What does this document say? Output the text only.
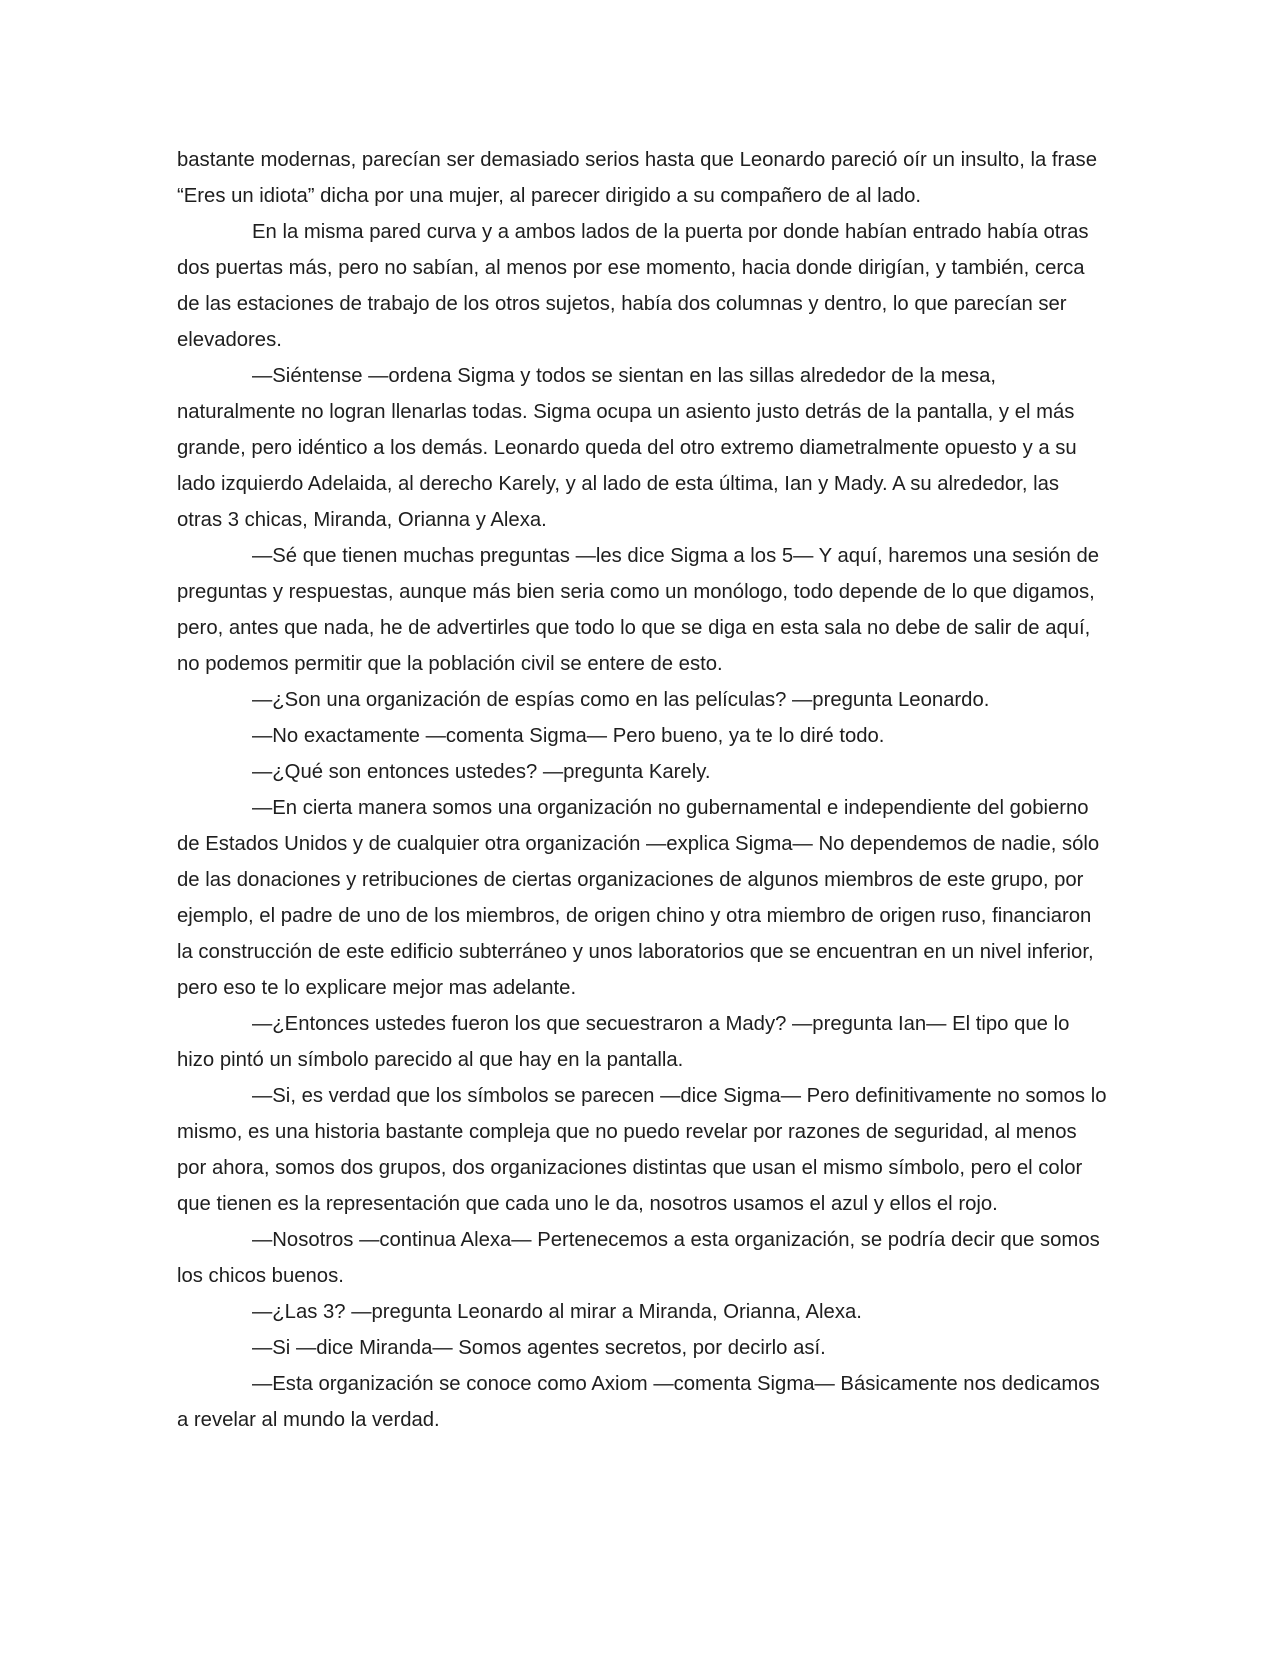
bastante modernas, parecían ser demasiado serios hasta que Leonardo pareció oír un insulto, la frase “Eres un idiota” dicha por una mujer, al parecer dirigido a su compañero de al lado.

En la misma pared curva y a ambos lados de la puerta por donde habían entrado había otras dos puertas más, pero no sabían, al menos por ese momento, hacia donde dirigían, y también, cerca de las estaciones de trabajo de los otros sujetos, había dos columnas y dentro, lo que parecían ser elevadores.

—Siéntense —ordena Sigma y todos se sientan en las sillas alrededor de la mesa, naturalmente no logran llenarlas todas. Sigma ocupa un asiento justo detrás de la pantalla, y el más grande, pero idéntico a los demás. Leonardo queda del otro extremo diametralmente opuesto y a su lado izquierdo Adelaida, al derecho Karely, y al lado de esta última, Ian y Mady. A su alrededor, las otras 3 chicas, Miranda, Orianna y Alexa.

—Sé que tienen muchas preguntas —les dice Sigma a los 5— Y aquí, haremos una sesión de preguntas y respuestas, aunque más bien seria como un monólogo, todo depende de lo que digamos, pero, antes que nada, he de advertirles que todo lo que se diga en esta sala no debe de salir de aquí, no podemos permitir que la población civil se entere de esto.

—¿Son una organización de espías como en las películas? —pregunta Leonardo.

—No exactamente —comenta Sigma— Pero bueno, ya te lo diré todo.

—¿Qué son entonces ustedes? —pregunta Karely.

—En cierta manera somos una organización no gubernamental e independiente del gobierno de Estados Unidos y de cualquier otra organización —explica Sigma— No dependemos de nadie, sólo de las donaciones y retribuciones de ciertas organizaciones de algunos miembros de este grupo, por ejemplo, el padre de uno de los miembros, de origen chino y otra miembro de origen ruso, financiaron la construcción de este edificio subterráneo y unos laboratorios que se encuentran en un nivel inferior, pero eso te lo explicare mejor mas adelante.

—¿Entonces ustedes fueron los que secuestraron a Mady? —pregunta Ian— El tipo que lo hizo pintó un símbolo parecido al que hay en la pantalla.

—Si, es verdad que los símbolos se parecen —dice Sigma— Pero definitivamente no somos lo mismo, es una historia bastante compleja que no puedo revelar por razones de seguridad, al menos por ahora, somos dos grupos, dos organizaciones distintas que usan el mismo símbolo, pero el color que tienen es la representación que cada uno le da, nosotros usamos el azul y ellos el rojo.

—Nosotros —continua Alexa— Pertenecemos a esta organización, se podría decir que somos los chicos buenos.

—¿Las 3? —pregunta Leonardo al mirar a Miranda, Orianna, Alexa.

—Si —dice Miranda— Somos agentes secretos, por decirlo así.

—Esta organización se conoce como Axiom —comenta Sigma— Básicamente nos dedicamos a revelar al mundo la verdad.
